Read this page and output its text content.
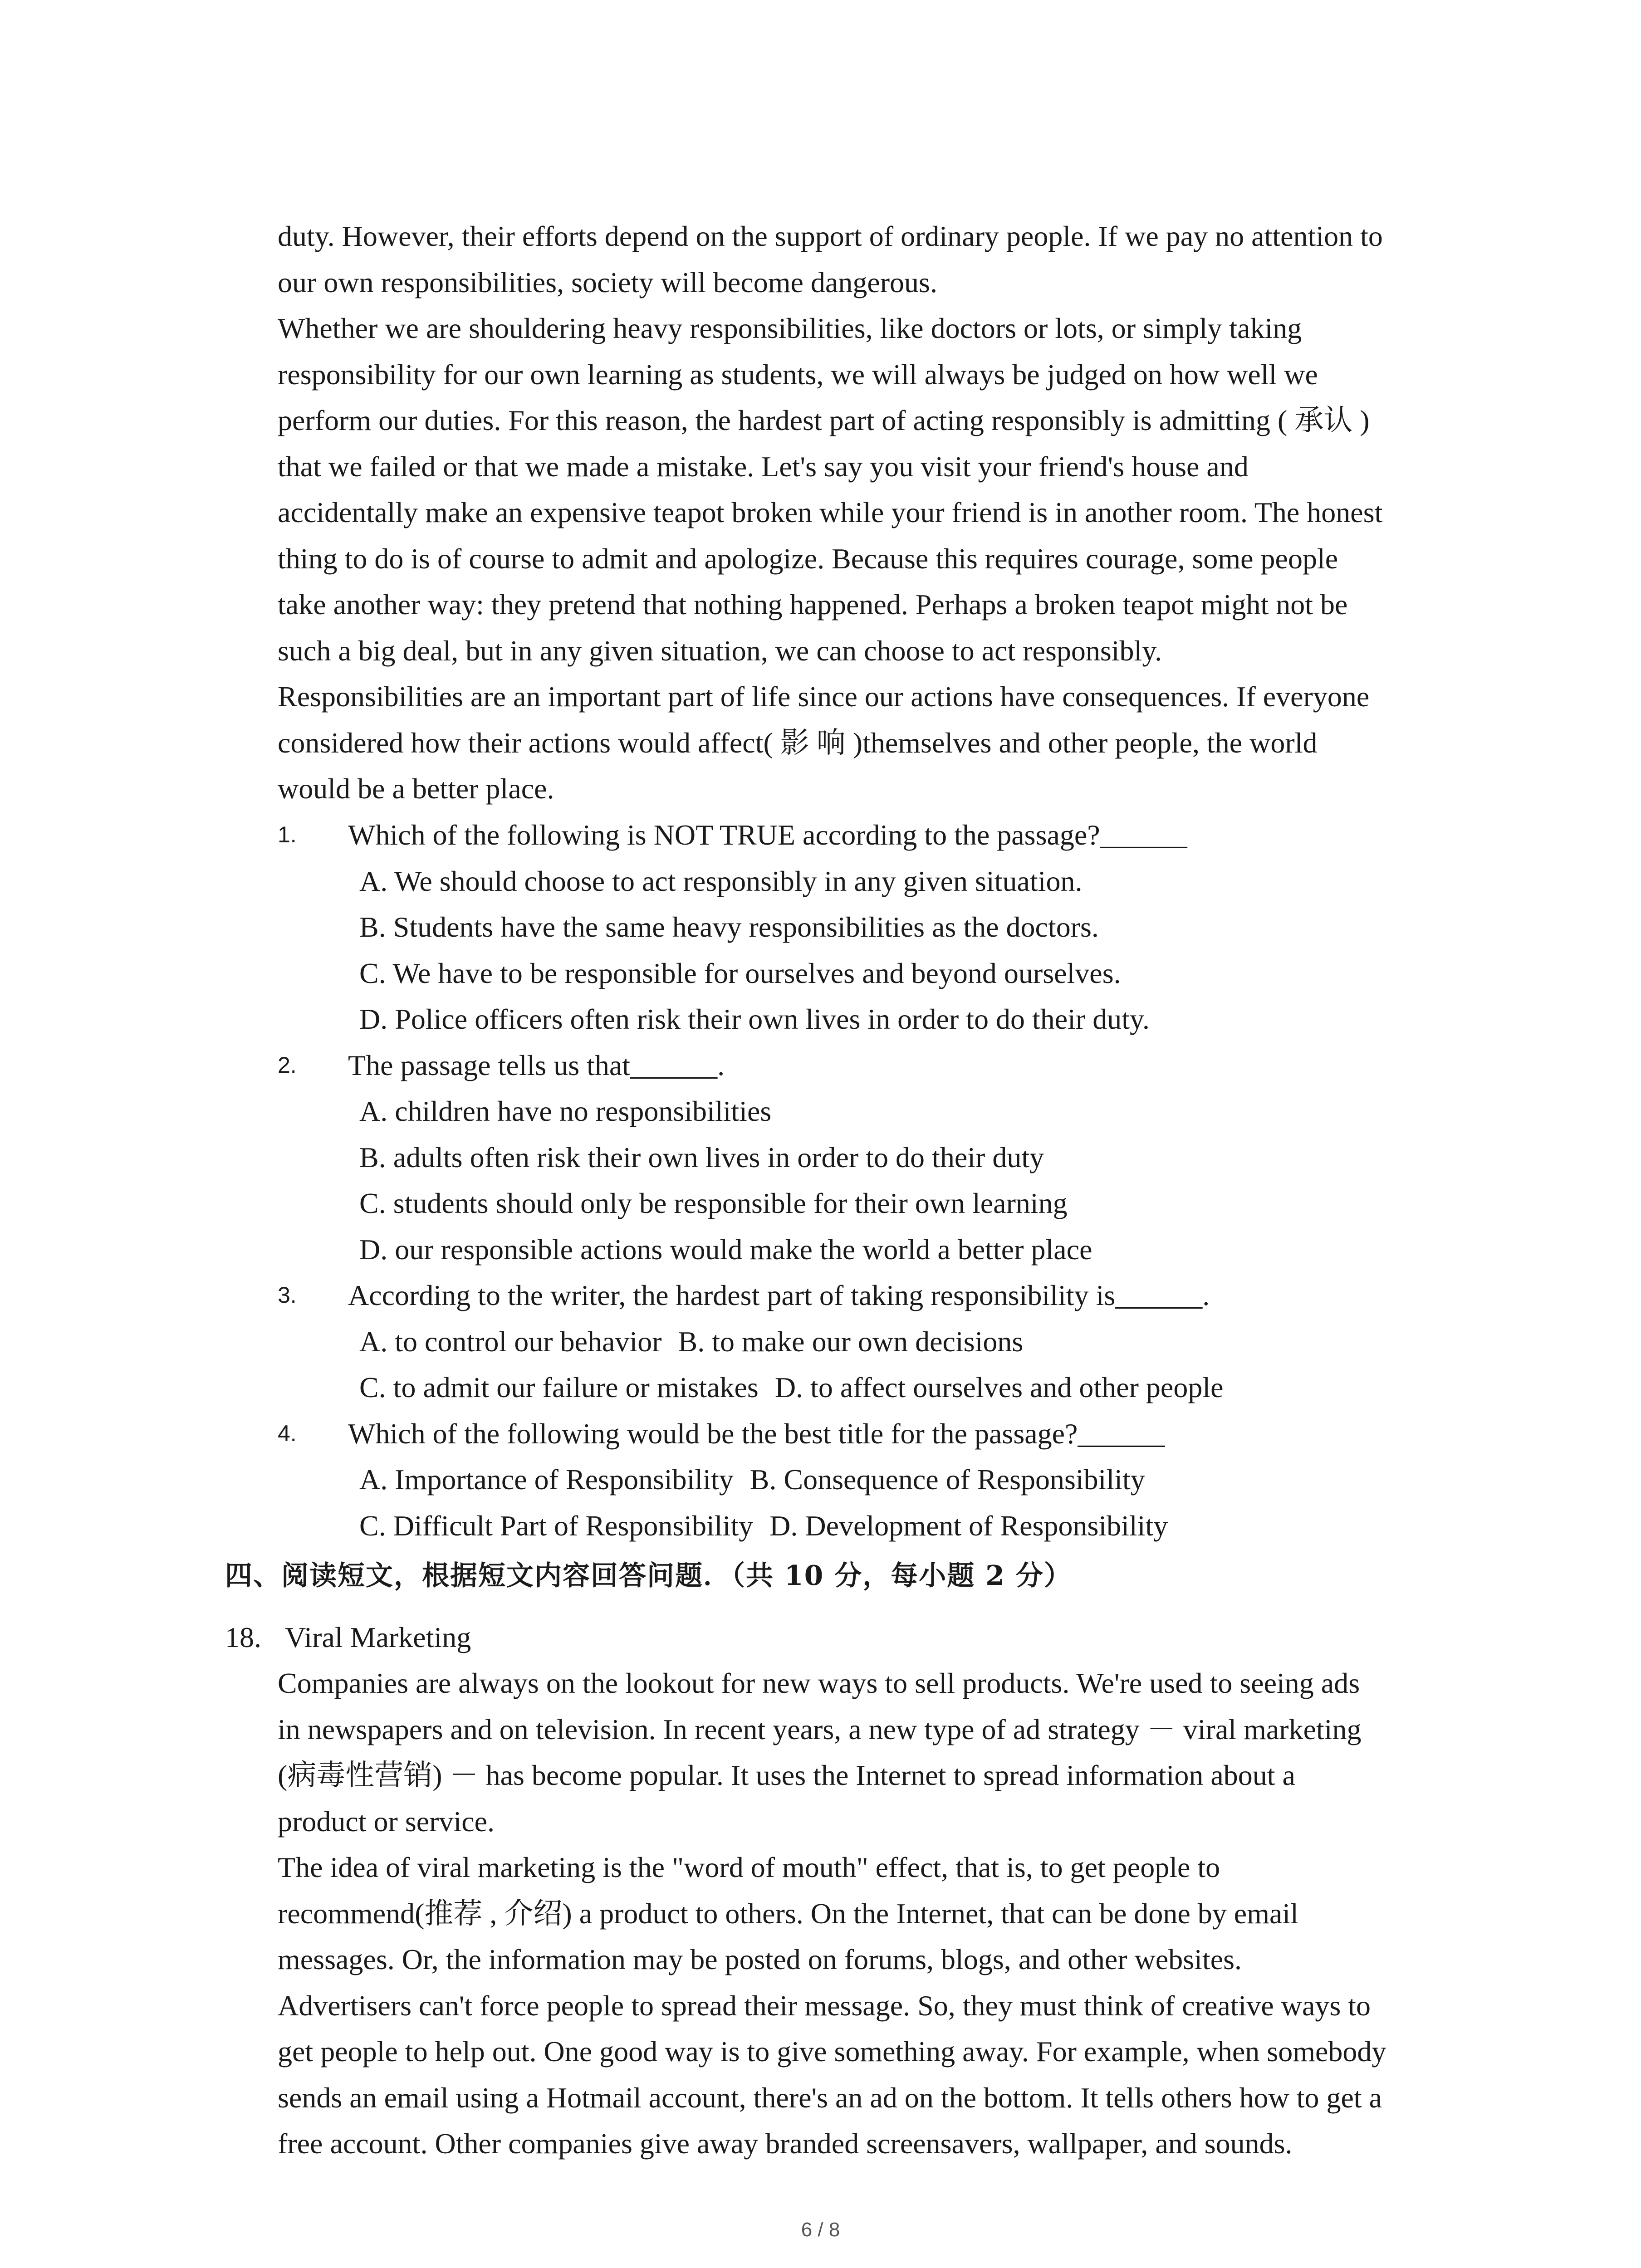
duty. However, their efforts depend on the support of ordinary people. If we pay no attention to
our own responsibilities, society will become dangerous.
Whether we are shouldering heavy responsibilities, like doctors or lots, or simply taking
responsibility for our own learning as students, we will always be judged on how well we
perform our duties. For this reason, the hardest part of acting responsibly is admitting ( 承认 )
that we failed or that we made a mistake. Let's say you visit your friend's house and
accidentally make an expensive teapot broken while your friend is in another room. The honest
thing to do is of course to admit and apologize. Because this requires courage, some people
take another way: they pretend that nothing happened. Perhaps a broken teapot might not be
such a big deal, but in any given situation, we can choose to act responsibly.
Responsibilities are an important part of life since our actions have consequences. If everyone
considered how their actions would affect( 影 响 )themselves and other people, the world
would be a better place.
1.	Which of the following is NOT TRUE according to the passage?______
A. We should choose to act responsibly in any given situation.
B. Students have the same heavy responsibilities as the doctors.
C. We have to be responsible for ourselves and beyond ourselves.
D. Police officers often risk their own lives in order to do their duty.
2.	The passage tells us that______.
A. children have no responsibilities
B. adults often risk their own lives in order to do their duty
C. students should only be responsible for their own learning
D. our responsible actions would make the world a better place
3.	According to the writer, the hardest part of taking responsibility is______.
A. to control our behavior B. to make our own decisions
C. to admit our failure or mistakes D. to affect ourselves and other people
4.	Which of the following would be the best title for the passage?______
A. Importance of Responsibility B. Consequence of Responsibility
C. Difficult Part of Responsibility D. Development of Responsibility
四、阅读短文，根据短文内容回答问题．（共 10 分，每小题 2 分）
18. Viral Marketing
Companies are always on the lookout for new ways to sell products. We're used to seeing ads
in newspapers and on television. In recent years, a new type of ad strategy － viral marketing
(病毒性营销) － has become popular. It uses the Internet to spread information about a
product or service.
The idea of viral marketing is the "word of mouth" effect, that is, to get people to
recommend(推荐 , 介绍) a product to others. On the Internet, that can be done by email
messages. Or, the information may be posted on forums, blogs, and other websites.
Advertisers can't force people to spread their message. So, they must think of creative ways to
get people to help out. One good way is to give something away. For example, when somebody
sends an email using a Hotmail account, there's an ad on the bottom. It tells others how to get a
free account. Other companies give away branded screensavers, wallpaper, and sounds.
6 / 8
